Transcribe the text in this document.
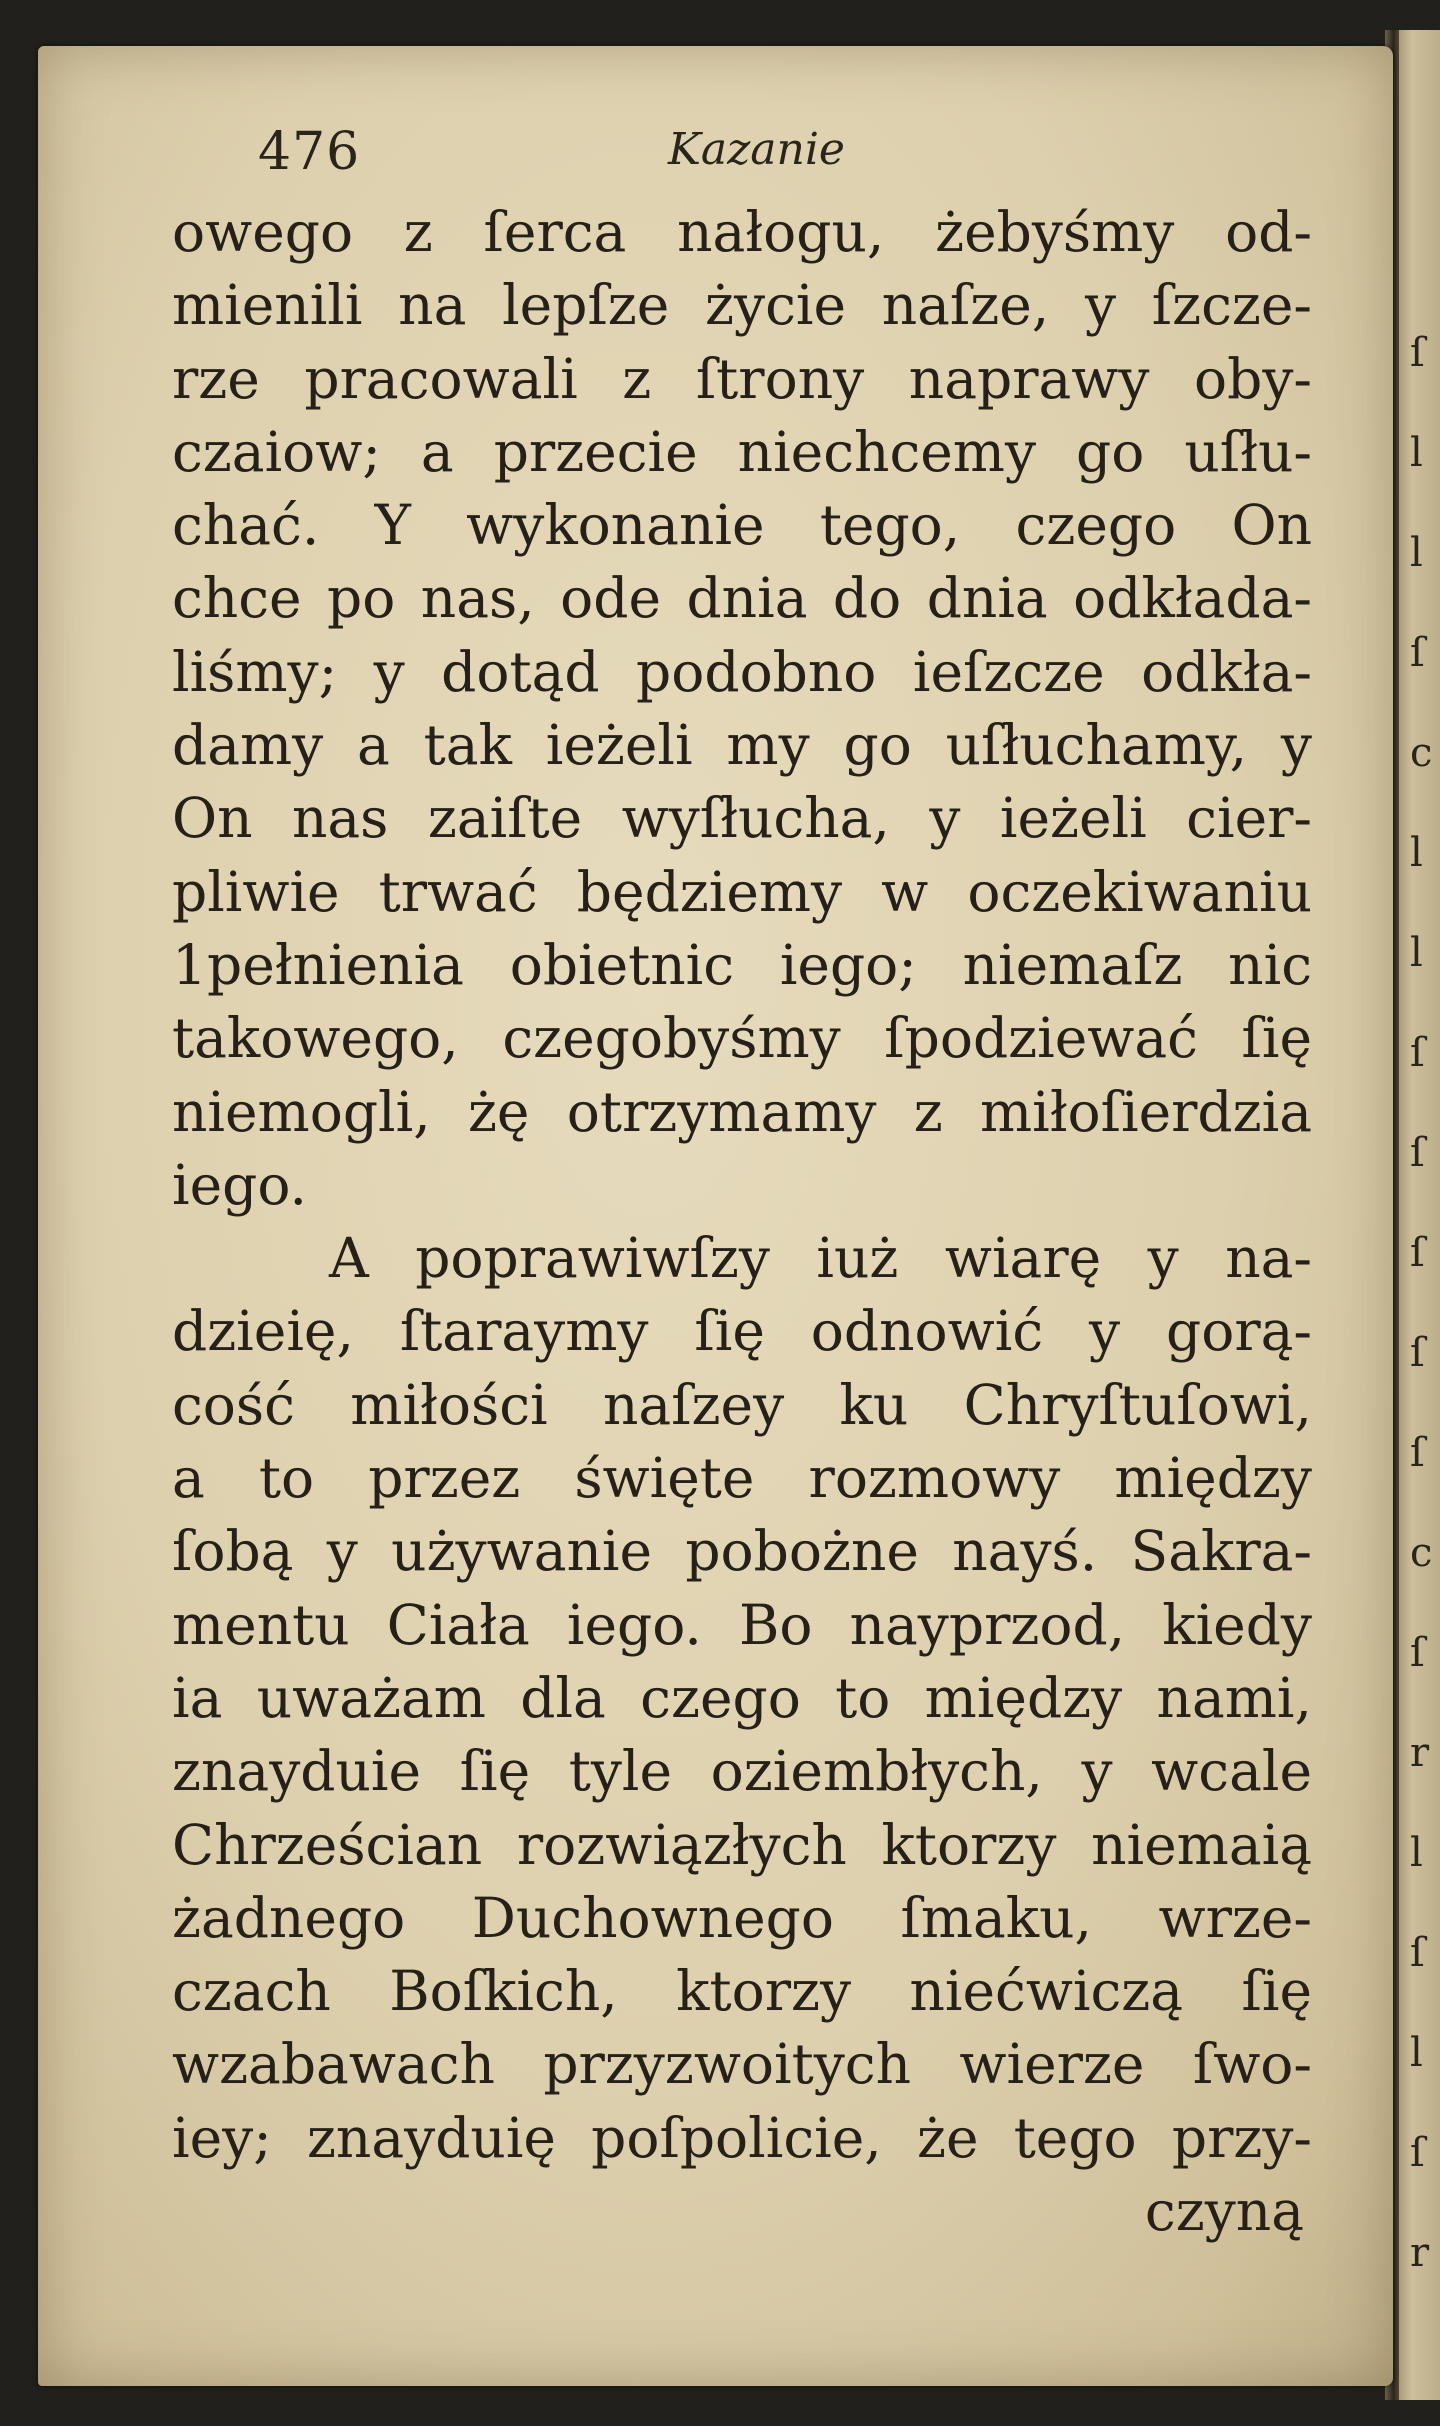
ſ
l
l
ſ
c
l
l
ſ
ſ
ſ
ſ
ſ
c
ſ
r
l
ſ
l
ſ
r
476	Kazanie
owego z ſerca nałogu, żebyśmy od-
mienili na lepſze życie naſze, y ſzcze-
rze pracowali z ſtrony naprawy oby-
czaiow; a przecie niechcemy go uſłu-
chać. Y wykonanie tego, czego On
chce po nas, ode dnia do dnia odkłada-
liśmy; y dotąd podobno ieſzcze odkła-
damy a tak ieżeli my go uſłuchamy, y
On nas zaiſte wyſłucha, y ieżeli cier-
pliwie trwać będziemy w oczekiwaniu
1pełnienia obietnic iego; niemaſz nic
takowego, czegobyśmy ſpodziewać ſię
niemogli, żę otrzymamy z miłoſierdzia
iego.
A poprawiwſzy iuż wiarę y na-
dzieię, ſtaraymy ſię odnowić y gorą-
cość miłości naſzey ku Chryſtuſowi,
a to przez święte rozmowy między
ſobą y używanie pobożne nayś. Sakra-
mentu Ciała iego. Bo nayprzod, kiedy
ia uważam dla czego to między nami,
znayduie ſię tyle oziembłych, y wcale
Chrześcian rozwiązłych ktorzy niemaią
żadnego Duchownego ſmaku, wrze-
czach Boſkich, ktorzy niećwiczą ſię
wzabawach przyzwoitych wierze ſwo-
iey; znayduię poſpolicie, że tego przy-
czyną
